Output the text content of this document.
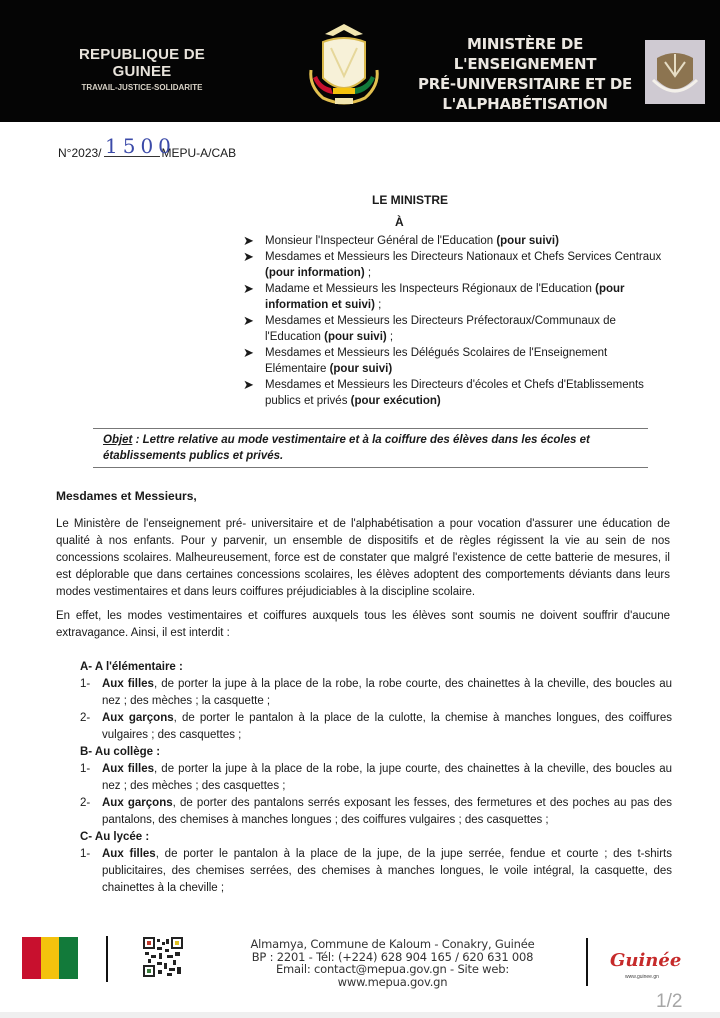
REPUBLIQUE DE GUINEE
TRAVAIL-JUSTICE-SOLIDARITE
MINISTÈRE DE L'ENSEIGNEMENT
PRÉ-UNIVERSITAIRE ET DE
L'ALPHABÉTISATION
N°2023/	MEPU-A/CAB
1500
LE MINISTRE
À
➤ Monsieur l'Inspecteur Général de l'Education (pour suivi)
➤ Mesdames et Messieurs les Directeurs Nationaux et Chefs Services Centraux (pour information) ;
➤ Madame et Messieurs les Inspecteurs Régionaux de l'Education (pour information et suivi) ;
➤ Mesdames et Messieurs les Directeurs Préfectoraux/Communaux de l'Education (pour suivi) ;
➤ Mesdames et Messieurs les Délégués Scolaires de l'Enseignement Elémentaire (pour suivi)
➤ Mesdames et Messieurs les Directeurs d'écoles et Chefs d'Etablissements publics et privés (pour exécution)
Objet : Lettre relative au mode vestimentaire et à la coiffure des élèves dans les écoles et établissements publics et privés.
Mesdames et Messieurs,
Le Ministère de l'enseignement pré- universitaire et de l'alphabétisation a pour vocation d'assurer une éducation de qualité à nos enfants. Pour y parvenir, un ensemble de dispositifs et de règles régissent la vie au sein de nos concessions scolaires. Malheureusement, force est de constater que malgré l'existence de cette batterie de mesures, il est déplorable que dans certaines concessions scolaires, les élèves adoptent des comportements déviants dans leurs modes vestimentaires et dans leurs coiffures préjudiciables à la discipline scolaire.
En effet, les modes vestimentaires et coiffures auxquels tous les élèves sont soumis ne doivent souffrir d'aucune extravagance. Ainsi, il est interdit :
A- A l'élémentaire :
1- Aux filles, de porter la jupe à la place de la robe, la robe courte, des chainettes à la cheville, des boucles au nez ; des mèches ; la casquette ;
2- Aux garçons, de porter le pantalon à la place de la culotte, la chemise à manches longues, des coiffures vulgaires ; des casquettes ;
B- Au collège :
1- Aux filles, de porter la jupe à la place de la robe, la jupe courte, des chainettes à la cheville, des boucles au nez ; des mèches ; des casquettes ;
2- Aux garçons, de porter des pantalons serrés exposant les fesses, des fermetures et des poches au pas des pantalons, des chemises à manches longues ; des coiffures vulgaires ; des casquettes ;
C- Au lycée :
1- Aux filles, de porter le pantalon à la place de la jupe, de la jupe serrée, fendue et courte ; des t-shirts publicitaires, des chemises serrées, des chemises à manches longues, le voile intégral, la casquette, des chainettes à la cheville ;
Almamya, Commune de Kaloum - Conakry, Guinée
BP : 2201 - Tél: (+224) 628 904 165 / 620 631 008
Email: contact@mepua.gov.gn - Site web: www.mepua.gov.gn
Guinée
www.guinee.gn
1/2
